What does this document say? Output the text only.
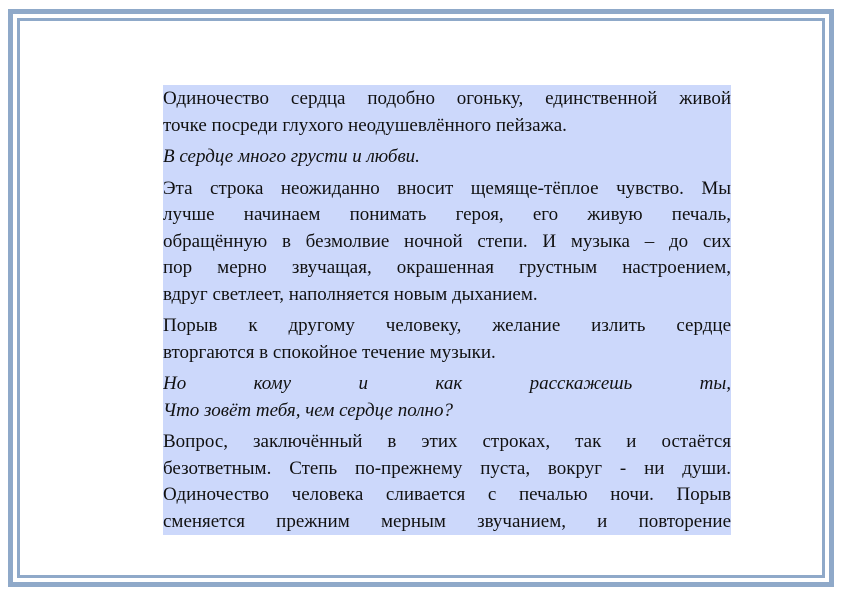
Одиночество сердца подобно огоньку, единственной живой
точке посреди глухого неодушевлённого пейзажа.
В сердце много грусти и любви.
Эта строка неожиданно вносит щемяще-тёплое чувство. Мы
лучше начинаем понимать героя, его живую печаль,
обращённую в безмолвие ночной степи. И музыка – до сих
пор мерно звучащая, окрашенная грустным настроением,
вдруг светлеет, наполняется новым дыханием.
Порыв к другому человеку, желание излить сердце
вторгаются в спокойное течение музыки.
Но кому и как расскажешь ты,
Что зовёт тебя, чем сердце полно?
Вопрос, заключённый в этих строках, так и остаётся
безответным. Степь по-прежнему пуста, вокруг - ни души.
Одиночество человека сливается с печалью ночи. Порыв
сменяется прежним мерным звучанием, и повторение
